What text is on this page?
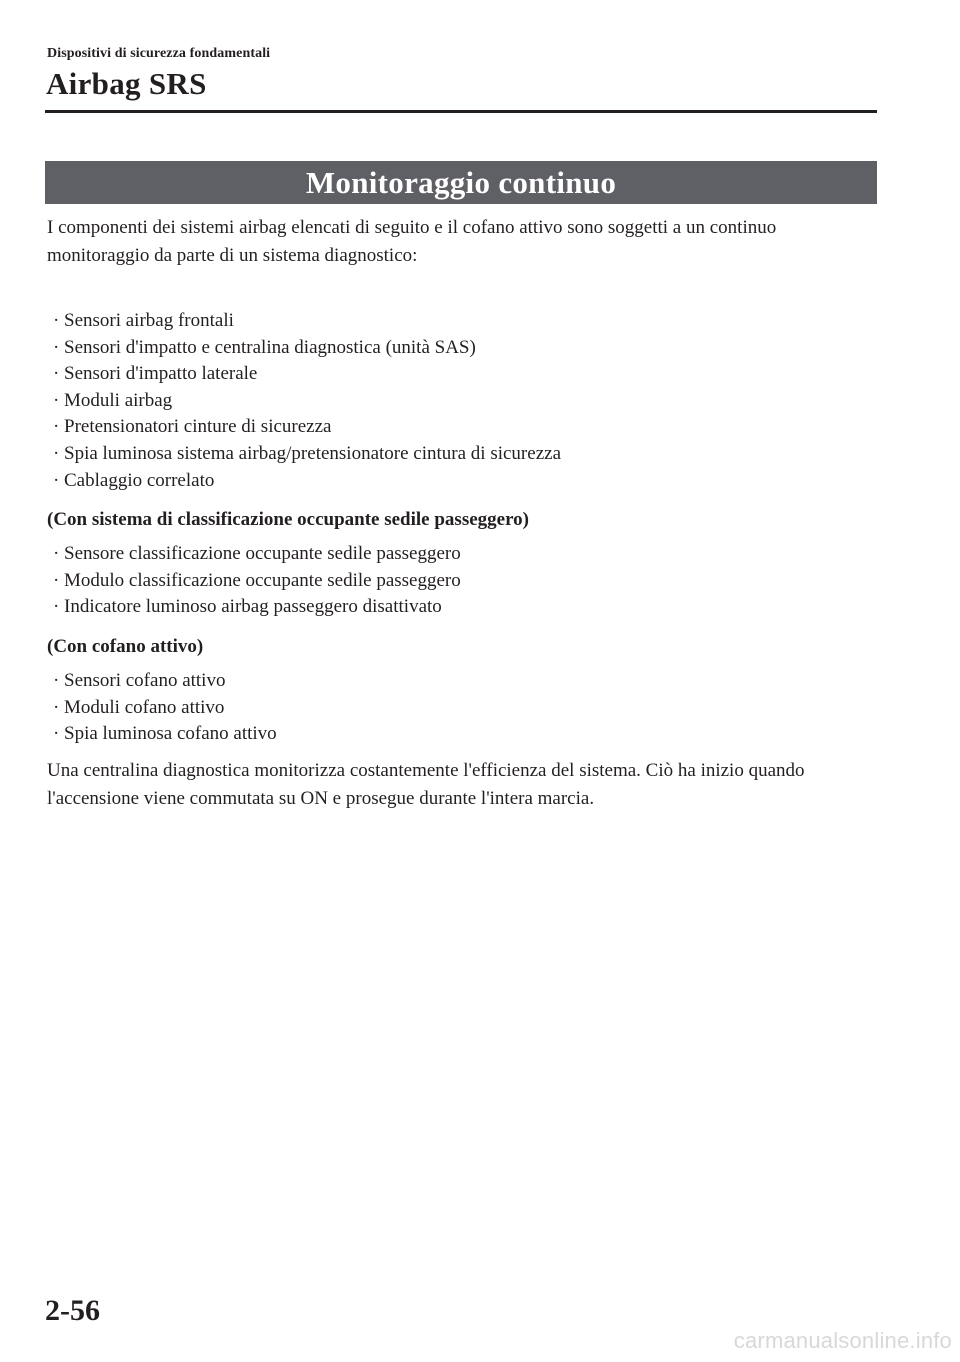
Dispositivi di sicurezza fondamentali
Airbag SRS
Monitoraggio continuo

I componenti dei sistemi airbag elencati di seguito e il cofano attivo sono soggetti a un continuo monitoraggio da parte di un sistema diagnostico:

· Sensori airbag frontali
· Sensori d'impatto e centralina diagnostica (unità SAS)
· Sensori d'impatto laterale
· Moduli airbag
· Pretensionatori cinture di sicurezza
· Spia luminosa sistema airbag/pretensionatore cintura di sicurezza
· Cablaggio correlato

(Con sistema di classificazione occupante sedile passeggero)

· Sensore classificazione occupante sedile passeggero
· Modulo classificazione occupante sedile passeggero
· Indicatore luminoso airbag passeggero disattivato

(Con cofano attivo)

· Sensori cofano attivo
· Moduli cofano attivo
· Spia luminosa cofano attivo

Una centralina diagnostica monitorizza costantemente l'efficienza del sistema. Ciò ha inizio quando l'accensione viene commutata su ON e prosegue durante l'intera marcia.

2-56
carmanualsonline.info
